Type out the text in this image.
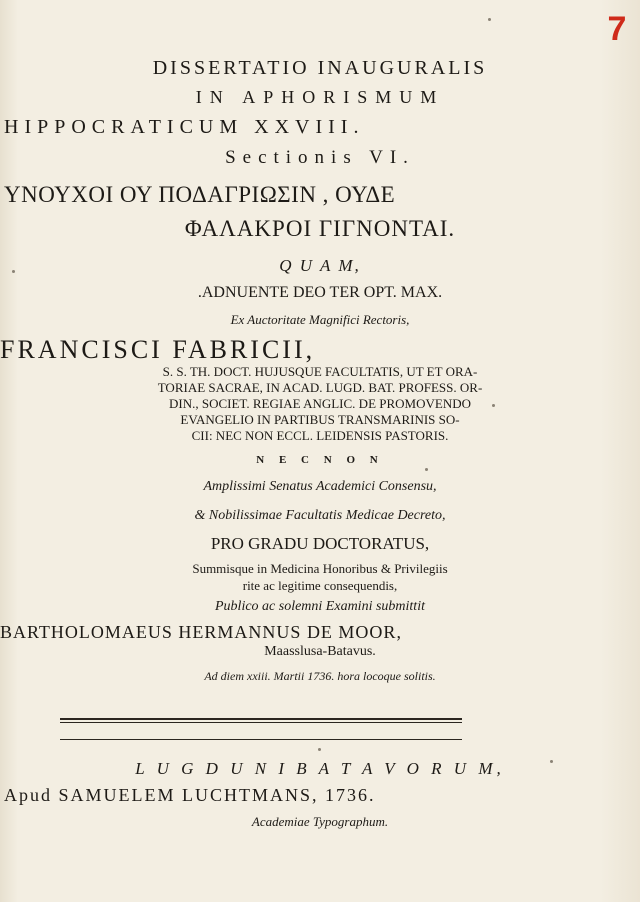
7
DISSERTATIO INAUGURALIS
IN APHORISMUM
HIPPOCRATICUM XXVIII.
Sectionis VI.
ΥΝΟΥΧΟΙ ΟΥ ΠΟΔΑΓΡΙΩΣΙΝ , ΟΥΔΕ
ΦΑΛΑΚΡΟΙ ΓΙΓΝΟΝΤΑΙ.
Q U A M,
.ADNUENTE DEO TER OPT. MAX.
Ex Auctoritate Magnifici Rectoris,
FRANCISCI FABRICII,
S. S. TH. DOCT. HUJUSQUE FACULTATIS, UT ET ORA-
TORIAE SACRAE, IN ACAD. LUGD. BAT. PROFESS. OR-
DIN., SOCIET. REGIAE ANGLIC. DE PROMOVENDO
EVANGELIO IN PARTIBUS TRANSMARINIS SO-
CII: NEC NON ECCL. LEIDENSIS PASTORIS.
N E C N O N
Amplissimi Senatus Academici Consensu,
& Nobilissimae Facultatis Medicae Decreto,
PRO GRADU DOCTORATUS,
Summisque in Medicina Honoribus & Privilegiis
rite ac legitime consequendis,
Publico ac solemni Examini submittit
BARTHOLOMAEUS HERMANNUS DE MOOR,
Maasslusa-Batavus.
Ad diem xxiii. Martii 1736. hora locoque solitis.
L U G D U N I B A T A V O R U M,
Apud SAMUELEM LUCHTMANS, 1736.
Academiae Typographum.
